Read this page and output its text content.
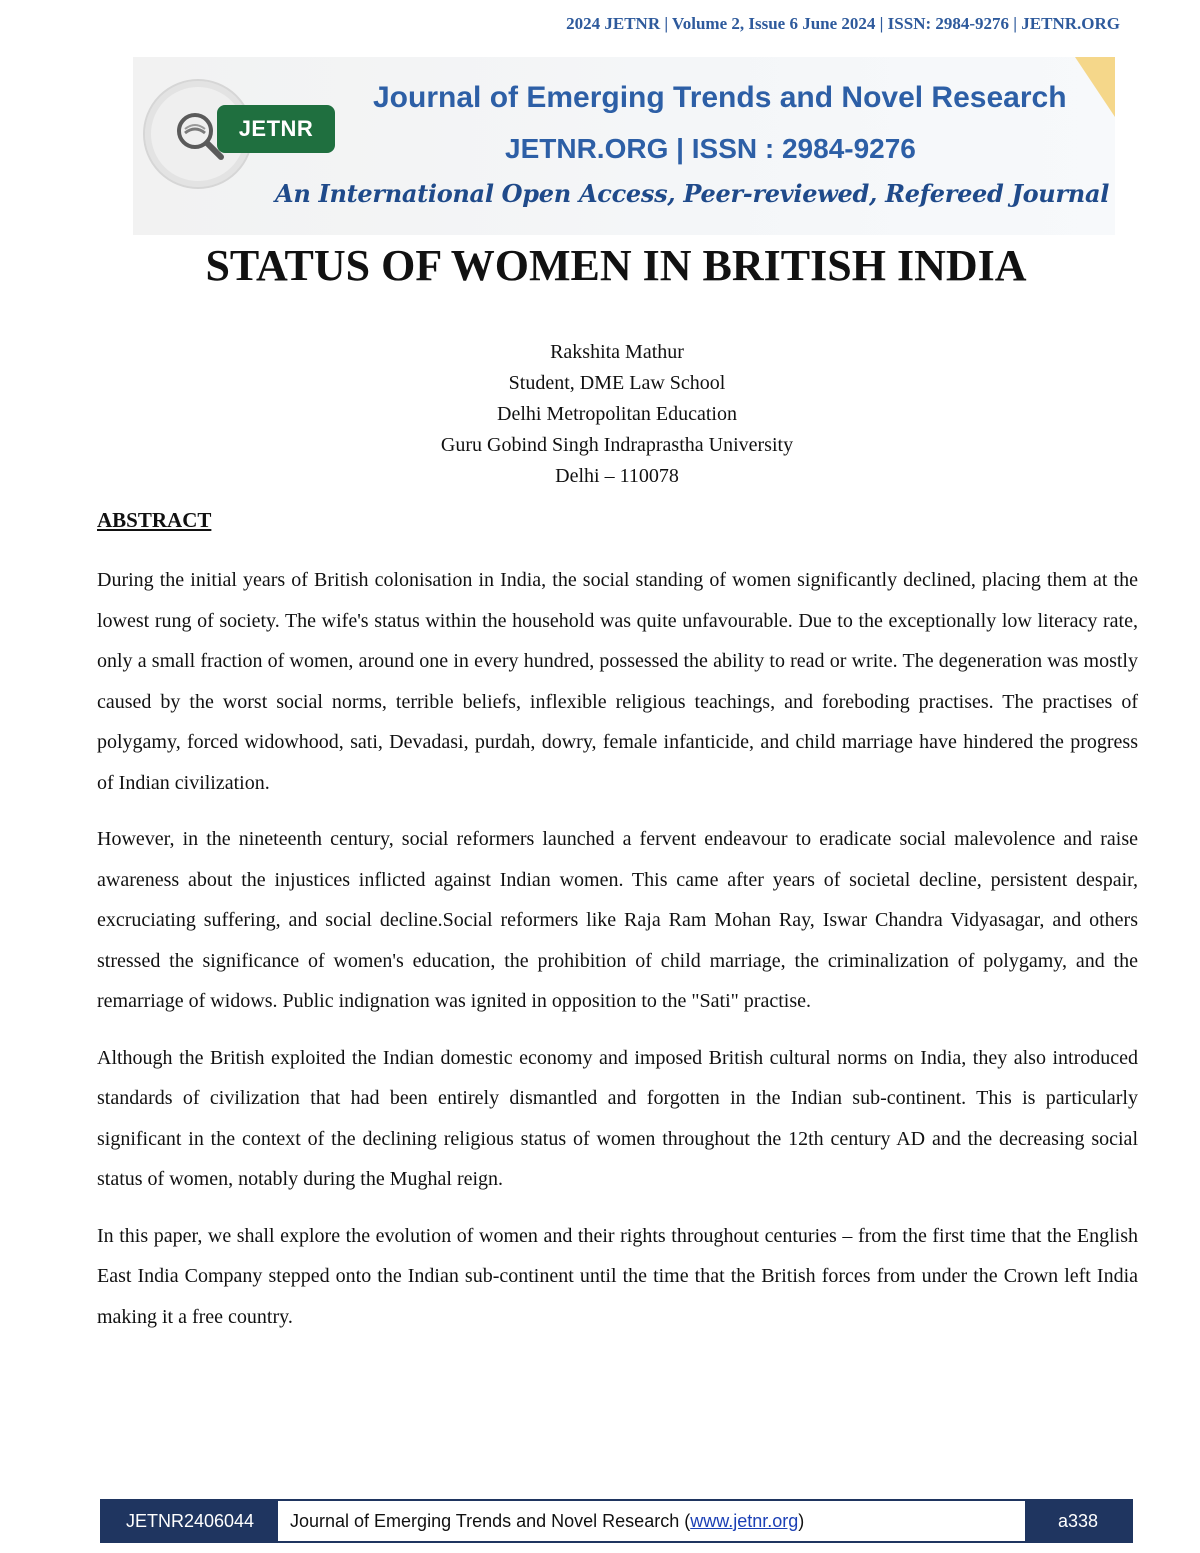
2024 JETNR | Volume 2, Issue 6 June 2024 | ISSN: 2984-9276 | JETNR.ORG
JETNR
Journal of Emerging Trends and Novel Research
JETNR.ORG | ISSN : 2984-9276
An International Open Access, Peer-reviewed, Refereed Journal
STATUS OF WOMEN IN BRITISH INDIA
Rakshita Mathur
Student, DME Law School
Delhi Metropolitan Education
Guru Gobind Singh Indraprastha University
Delhi – 110078
ABSTRACT

During the initial years of British colonisation in India, the social standing of women significantly declined, placing them at the lowest rung of society. The wife's status within the household was quite unfavourable. Due to the exceptionally low literacy rate, only a small fraction of women, around one in every hundred, possessed the ability to read or write. The degeneration was mostly caused by the worst social norms, terrible beliefs, inflexible religious teachings, and foreboding practises. The practises of polygamy, forced widowhood, sati, Devadasi, purdah, dowry, female infanticide, and child marriage have hindered the progress of Indian civilization.

However, in the nineteenth century, social reformers launched a fervent endeavour to eradicate social malevolence and raise awareness about the injustices inflicted against Indian women. This came after years of societal decline, persistent despair, excruciating suffering, and social decline.Social reformers like Raja Ram Mohan Ray, Iswar Chandra Vidyasagar, and others stressed the significance of women's education, the prohibition of child marriage, the criminalization of polygamy, and the remarriage of widows. Public indignation was ignited in opposition to the "Sati" practise.

Although the British exploited the Indian domestic economy and imposed British cultural norms on India, they also introduced standards of civilization that had been entirely dismantled and forgotten in the Indian sub-continent. This is particularly significant in the context of the declining religious status of women throughout the 12th century AD and the decreasing social status of women, notably during the Mughal reign.

In this paper, we shall explore the evolution of women and their rights throughout centuries – from the first time that the English East India Company stepped onto the Indian sub-continent until the time that the British forces from under the Crown left India making it a free country.

JETNR2406044	Journal of Emerging Trends and Novel Research ( www.jetnr.org )	a338
